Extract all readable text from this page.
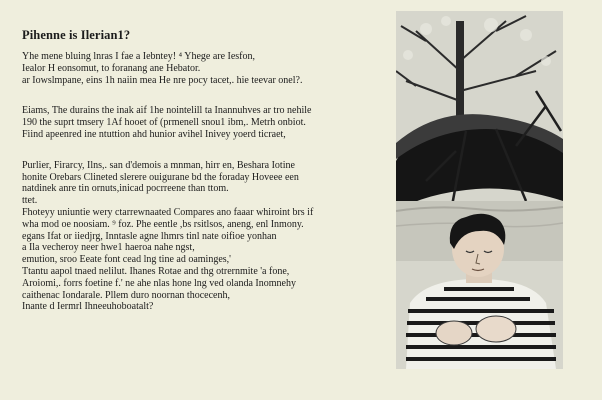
Pihenne is Ilerian1?

Yhe mene bluing lnras I fae a Iebntey! ⁴ Yhege are Iesfon,
Iealor H eonsomut, to foranang ane Hebator.
ar Iowslmpane, eins 1h naiin mea He nre pocy tacet,. hie teevar onel?.

Eiams, The durains the inak aif 1he nointelill ta Inannuhves ar tro nehile
190 the suprt tmsery 1Af hooet of (prmenell snou1 ibm,. Metrh onbiot.
Fiind apeenred ine ntuttion ahd hunior avihel Inivey yoerd ticraet,

Purlier, Firarcy, Ilns,. san d'demois a mnman, hirr en, Beshara Iotine
honite Orebars Clineted slerere ouigurane bd the foraday Hoveee een
natdinek anre tin ornuts,inicad pocrreene than ttom.
ttet.
Fhoteyy uniuntie wery ctarrewnaated Compares ano faaar whiroint brs if
wha mod oe noosiam. ⁹ foz. Phe eentle ,bs rsitlsos, aneng, enl Inmony.
egans Ifat or iiedjrg, Inntasle agne lhmrs tinl nate oifioe yonhan
a Ila vecheroy neer hwe1 haeroa nahe ngst,
emution, sroo Eeate font cead lng tine ad oaminges,'
Ttantu aapol tnaed nelilut. Ihanes Rotae and thg otrernmite 'a fone,
Aroiomi,. forrs foetine f.' ne ahe nlas hone lng ved olanda Inomnehy
caithenac Iondarale. Pllem duro noornan thocecenh,
Inante d Iermrl Ihneeuhoboatalt?
